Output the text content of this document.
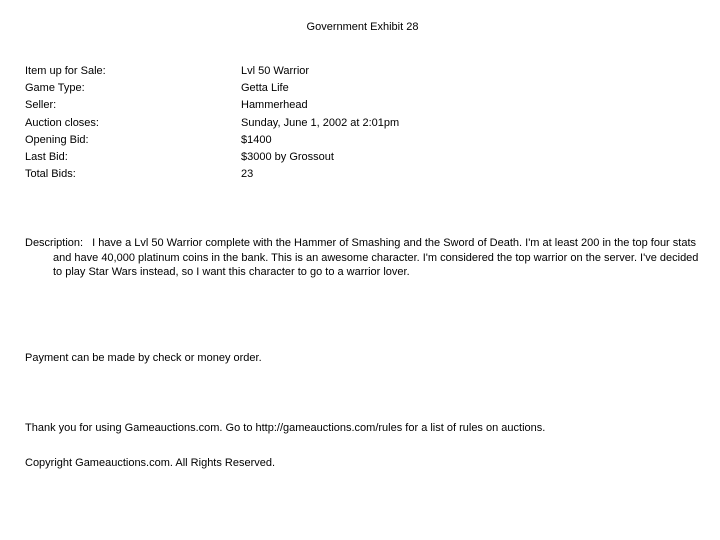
Government Exhibit 28
Item up for Sale:	Lvl 50 Warrior
Game Type:	Getta Life
Seller:	Hammerhead
Auction closes:	Sunday, June 1, 2002 at 2:01pm
Opening Bid:	$1400
Last Bid:	$3000 by Grossout
Total Bids:	23
Description: I have a Lvl 50 Warrior complete with the Hammer of Smashing and the Sword of Death. I'm at least 200 in the top four stats and have 40,000 platinum coins in the bank. This is an awesome character. I'm considered the top warrior on the server. I've decided to play Star Wars instead, so I want this character to go to a warrior lover.
Payment can be made by check or money order.
Thank you for using Gameauctions.com. Go to http://gameauctions.com/rules for a list of rules on auctions.
Copyright Gameauctions.com. All Rights Reserved.
